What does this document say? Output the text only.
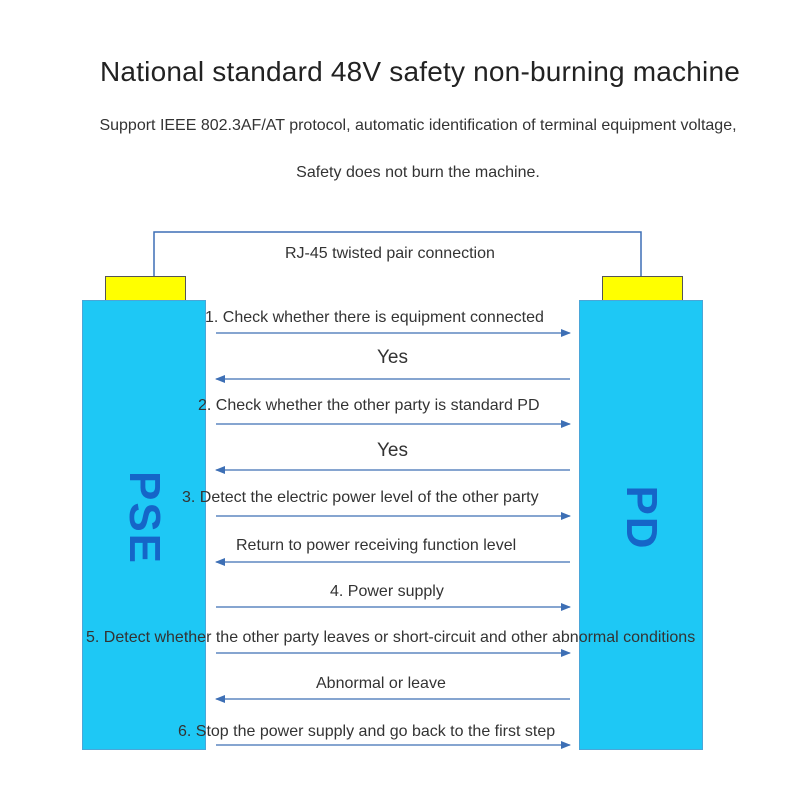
National standard 48V safety non-burning machine
Support IEEE 802.3AF/AT protocol, automatic identification of terminal equipment voltage,
Safety does not burn the machine.
PSE	PD
RJ-45 twisted pair connection
1. Check whether there is equipment connected
Yes
2. Check whether the other party is standard PD
Yes
3. Detect the electric power level of the other party
Return to power receiving function level
4. Power supply
5. Detect whether the other party leaves or short-circuit and other abnormal conditions
Abnormal or leave
6. Stop the power supply and go back to the first step
